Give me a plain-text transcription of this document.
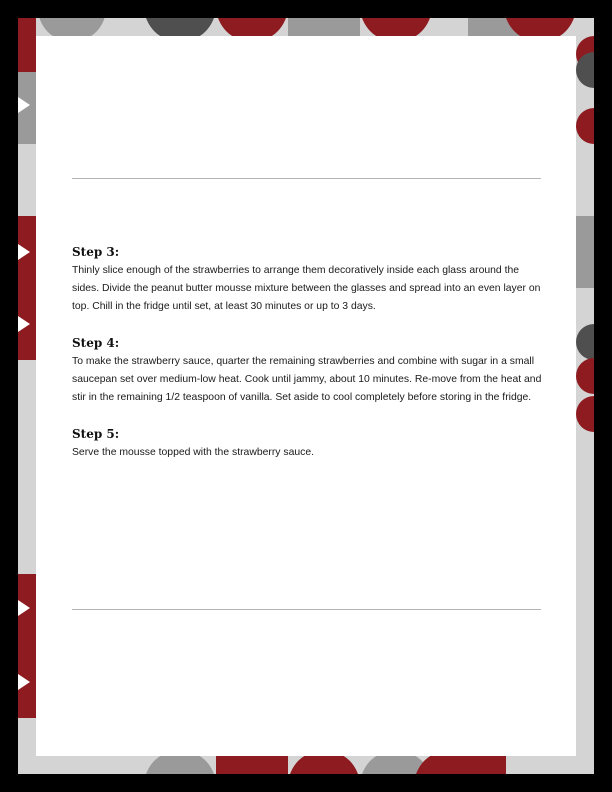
Step 3:

Thinly slice enough of the strawberries to arrange them decoratively inside each glass around the sides. Divide the peanut butter mousse mixture between the glasses and spread into an even layer on top. Chill in the fridge until set, at least 30 minutes or up to 3 days.

Step 4:

To make the strawberry sauce, quarter the remaining strawberries and combine with sugar in a small saucepan set over medium-low heat. Cook until jammy, about 10 minutes. Re-move from the heat and stir in the remaining 1/2 teaspoon of vanilla. Set aside to cool completely before storing in the fridge.

Step 5:

Serve the mousse topped with the strawberry sauce.
